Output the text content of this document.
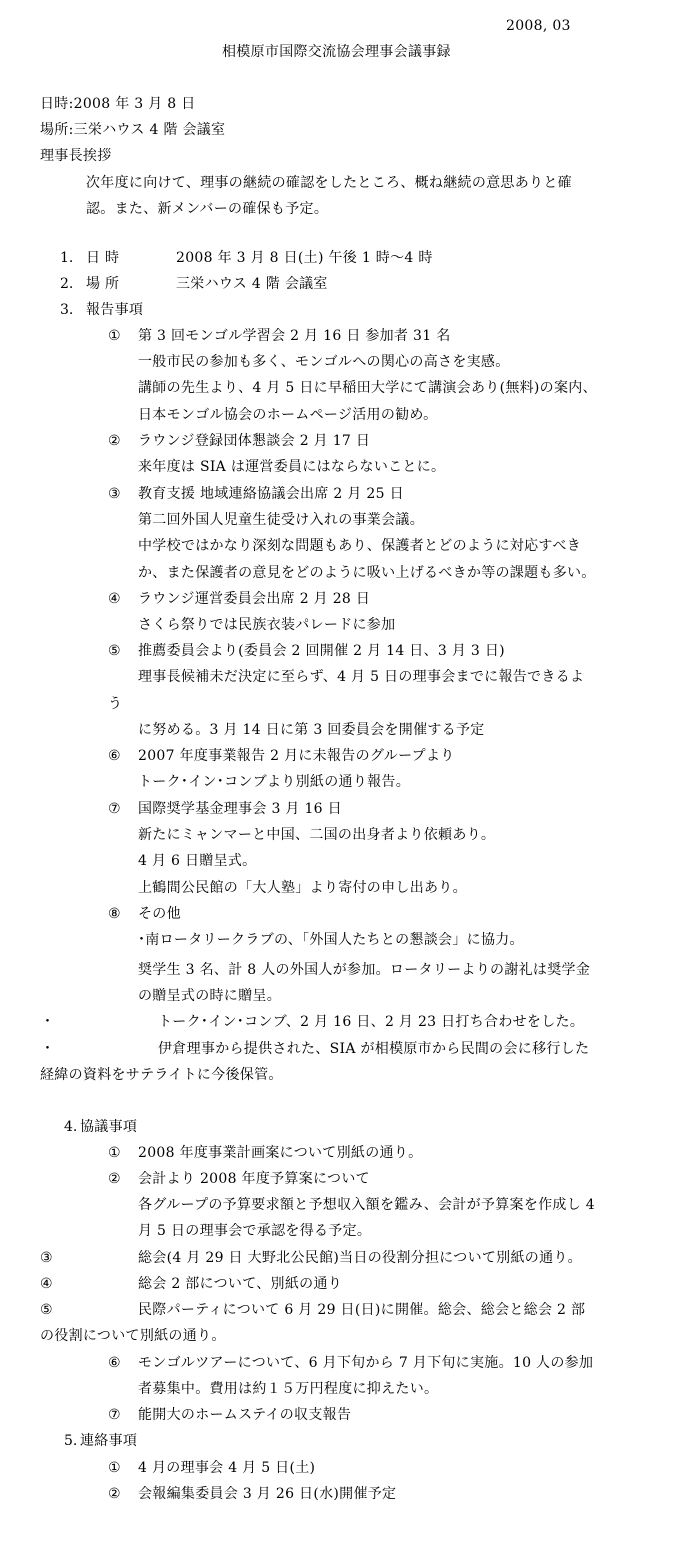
2008, 03
相模原市国際交流協会理事会議事録
日時:2008 年 3 月 8 日
場所:三栄ハウス 4 階 会議室
理事長挨拶
次年度に向けて、理事の継続の確認をしたところ、概ね継続の意思ありと確
認。また、新メンバーの確保も予定。
1. 日 時	2008 年 3 月 8 日(土) 午後 1 時～4 時
2. 場 所	三栄ハウス 4 階 会議室
3. 報告事項
① 第 3 回モンゴル学習会 2 月 16 日 参加者 31 名
一般市民の参加も多く、モンゴルへの関心の高さを実感。
講師の先生より、4 月 5 日に早稲田大学にて講演会あり(無料)の案内、
日本モンゴル協会のホームページ活用の勧め。
② ラウンジ登録団体懇談会 2 月 17 日
来年度は SIA は運営委員にはならないことに。
③ 教育支援 地域連絡協議会出席 2 月 25 日
第二回外国人児童生徒受け入れの事業会議。
中学校ではかなり深刻な問題もあり、保護者とどのように対応すべき
か、また保護者の意見をどのように吸い上げるべきか等の課題も多い。
④ ラウンジ運営委員会出席 2 月 28 日
さくら祭りでは民族衣装パレードに参加
⑤ 推薦委員会より(委員会 2 回開催 2 月 14 日、3 月 3 日)
理事長候補未だ決定に至らず、4 月 5 日の理事会までに報告できるよ
う
に努める。3 月 14 日に第 3 回委員会を開催する予定
⑥ 2007 年度事業報告 2 月に未報告のグループより
トーク･イン･コンブより別紙の通り報告。
⑦ 国際奨学基金理事会 3 月 16 日
新たにミャンマーと中国、二国の出身者より依頼あり。
4 月 6 日贈呈式。
上鶴間公民館の「大人塾」より寄付の申し出あり。
⑧ その他
･南ロータリークラブの、「外国人たちとの懇談会」に協力。
奨学生 3 名、計 8 人の外国人が参加。ロータリーよりの謝礼は奨学金
の贈呈式の時に贈呈。
･	トーク･イン･コンブ、2 月 16 日、2 月 23 日打ち合わせをした。
･	伊倉理事から提供された、SIA が相模原市から民間の会に移行した
経緯の資料をサテライトに今後保管。
4. 協議事項
① 2008 年度事業計画案について別紙の通り。
② 会計より 2008 年度予算案について
各グループの予算要求額と予想収入額を鑑み、会計が予算案を作成し 4
月 5 日の理事会で承認を得る予定。
③	総会(4 月 29 日 大野北公民館)当日の役割分担について別紙の通り。
④	総会 2 部について、別紙の通り
⑤	民際パーティについて 6 月 29 日(日)に開催。総会、総会と総会 2 部
の役割について別紙の通り。
⑥ モンゴルツアーについて、6 月下旬から 7 月下旬に実施。10 人の参加
者募集中。費用は約１５万円程度に抑えたい。
⑦ 能開大のホームステイの収支報告
5. 連絡事項
① 4 月の理事会 4 月 5 日(土)
② 会報編集委員会 3 月 26 日(水)開催予定
